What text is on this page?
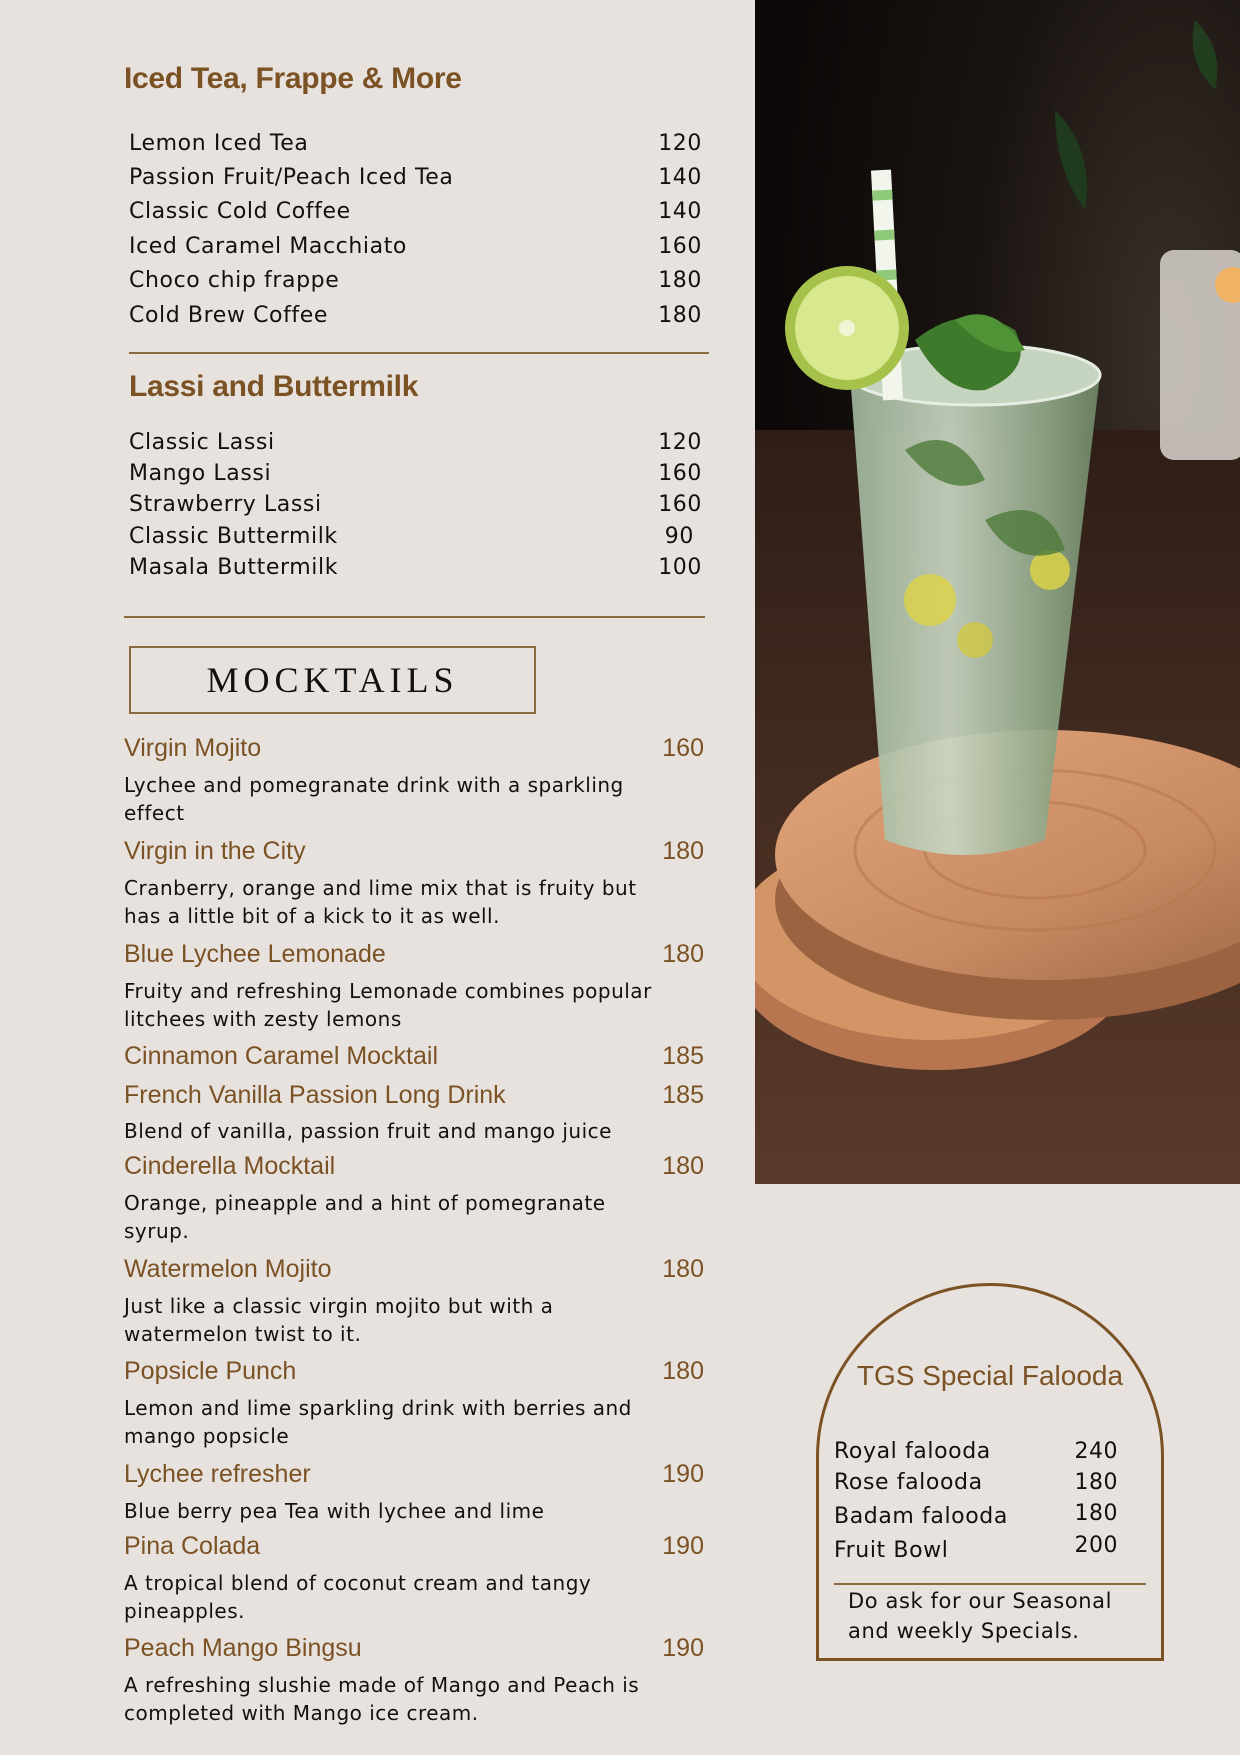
Iced Tea, Frappe & More
Lemon Iced Tea	120
Passion Fruit/Peach Iced Tea	140
Classic Cold Coffee	140
Iced Caramel Macchiato	160
Choco chip frappe	180
Cold Brew Coffee	180
Lassi and Buttermilk
Classic Lassi	120
Mango Lassi	160
Strawberry Lassi	160
Classic Buttermilk	90
Masala Buttermilk	100
MOCKTAILS
Virgin Mojito	160
Lychee and pomegranate drink with a sparkling effect
Virgin in the City	180
Cranberry, orange and lime mix that is fruity but has a little bit of a kick to it as well.
Blue Lychee Lemonade	180
Fruity and refreshing Lemonade combines popular litchees with zesty lemons
Cinnamon Caramel Mocktail	185
French Vanilla Passion Long Drink	185
Blend of vanilla, passion fruit and mango juice
Cinderella Mocktail	180
Orange, pineapple and a hint of pomegranate syrup.
Watermelon Mojito	180
Just like a classic virgin mojito but with a watermelon twist to it.
Popsicle Punch	180
Lemon and lime sparkling drink with berries and mango popsicle
Lychee refresher	190
Blue berry pea Tea with lychee and lime
Pina Colada	190
A tropical blend of coconut cream and tangy pineapples.
Peach Mango Bingsu	190
A refreshing slushie made of Mango and Peach is completed with Mango ice cream.
TGS Special Falooda
Royal falooda	240
Rose falooda	180
Badam falooda	180
Fruit Bowl	200
Do ask for our Seasonal and weekly Specials.
